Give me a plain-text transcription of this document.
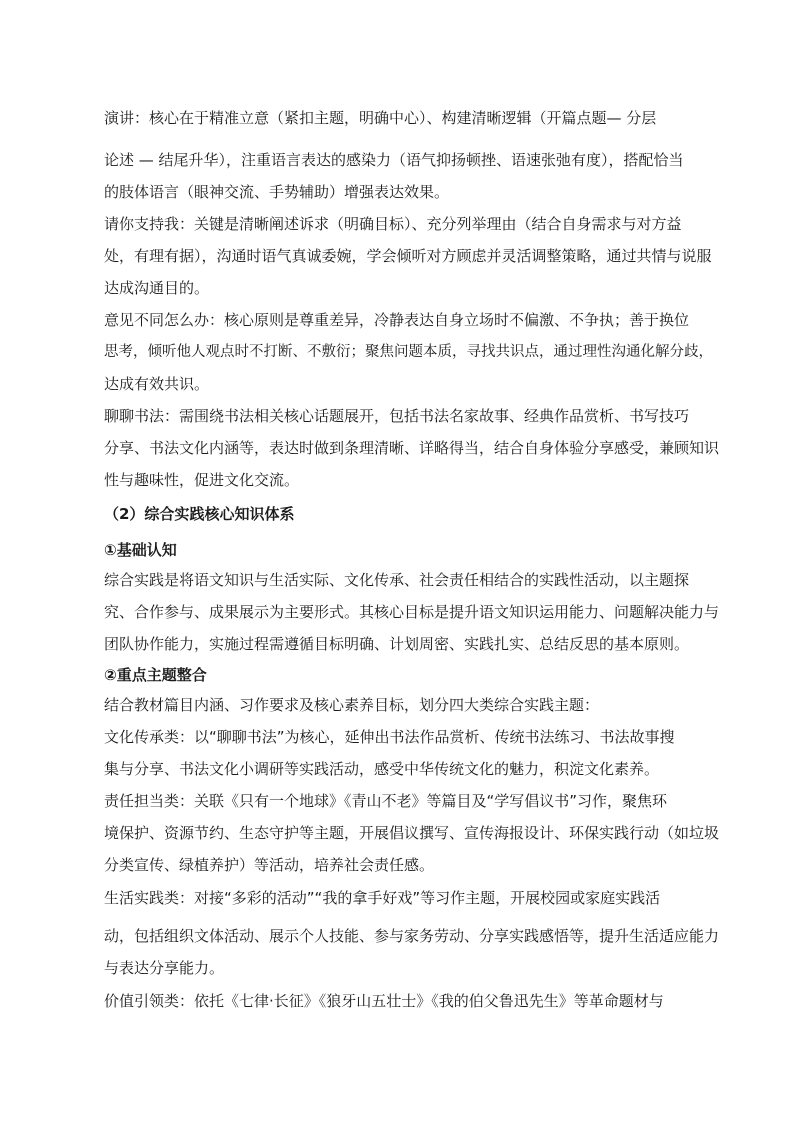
演讲：核心在于精准立意（紧扣主题，明确中心）、构建清晰逻辑（开篇点题— 分层
论述 — 结尾升华），注重语言表达的感染力（语气抑扬顿挫、语速张弛有度），搭配恰当
的肢体语言（眼神交流、手势辅助）增强表达效果。
请你支持我：关键是清晰阐述诉求（明确目标）、充分列举理由（结合自身需求与对方益
处，有理有据），沟通时语气真诚委婉，学会倾听对方顾虑并灵活调整策略，通过共情与说服
达成沟通目的。
意见不同怎么办：核心原则是尊重差异，冷静表达自身立场时不偏激、不争执；善于换位
思考，倾听他人观点时不打断、不敷衍；聚焦问题本质，寻找共识点，通过理性沟通化解分歧，
达成有效共识。
聊聊书法：需围绕书法相关核心话题展开，包括书法名家故事、经典作品赏析、书写技巧
分享、书法文化内涵等，表达时做到条理清晰、详略得当，结合自身体验分享感受，兼顾知识
性与趣味性，促进文化交流。
（2）综合实践核心知识体系
①基础认知
综合实践是将语文知识与生活实际、文化传承、社会责任相结合的实践性活动，以主题探
究、合作参与、成果展示为主要形式。其核心目标是提升语文知识运用能力、问题解决能力与
团队协作能力，实施过程需遵循目标明确、计划周密、实践扎实、总结反思的基本原则。
②重点主题整合
结合教材篇目内涵、习作要求及核心素养目标，划分四大类综合实践主题：
文化传承类：以“聊聊书法”为核心，延伸出书法作品赏析、传统书法练习、书法故事搜
集与分享、书法文化小调研等实践活动，感受中华传统文化的魅力，积淀文化素养。
责任担当类：关联《只有一个地球》《青山不老》等篇目及“学写倡议书”习作，聚焦环
境保护、资源节约、生态守护等主题，开展倡议撰写、宣传海报设计、环保实践行动（如垃圾
分类宣传、绿植养护）等活动，培养社会责任感。
生活实践类：对接“多彩的活动”“我的拿手好戏”等习作主题，开展校园或家庭实践活
动，包括组织文体活动、展示个人技能、参与家务劳动、分享实践感悟等，提升生活适应能力
与表达分享能力。
价值引领类：依托《七律·长征》《狼牙山五壮士》《我的伯父鲁迅先生》等革命题材与
